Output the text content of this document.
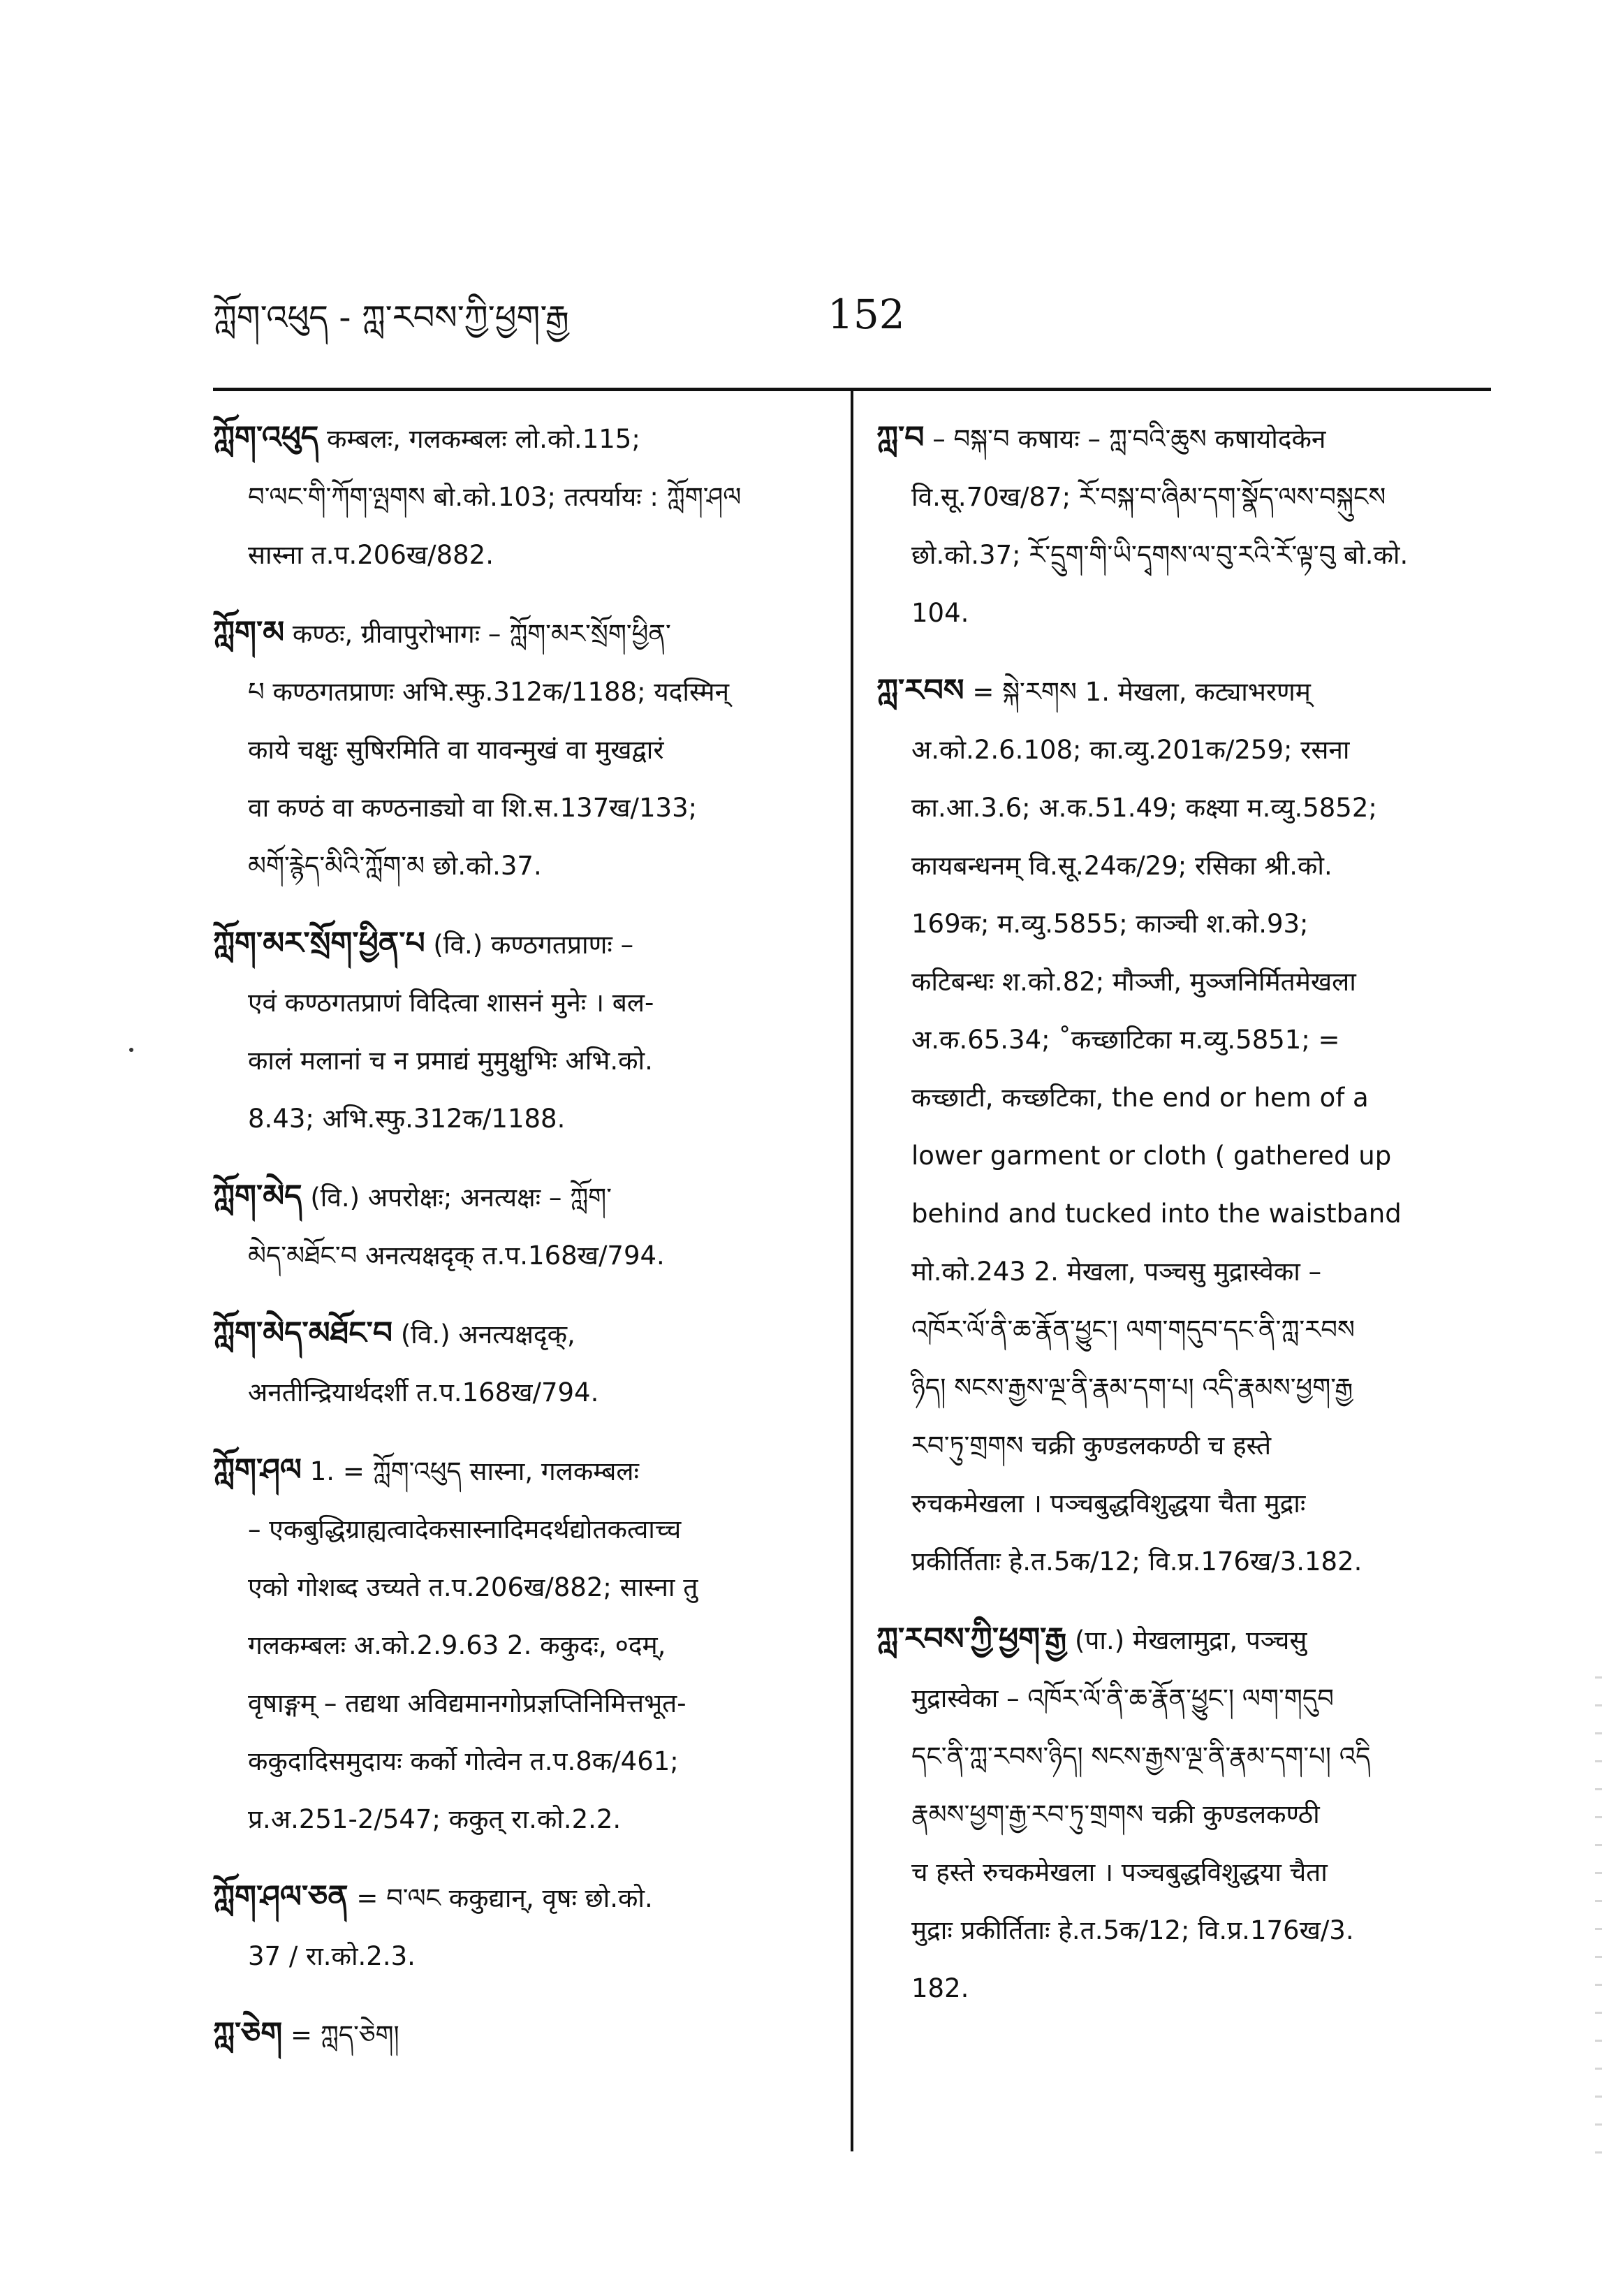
ཀློག་འཕུད - ཀླ་རབས་ཀྱི་ཕྱག་རྒྱ	152
ཀློག་འཕུད कम्बलः, गलकम्बलः लो.को.115;
བ་ལང་གི་ཀོག་ལྤགས बो.को.103; तत्पर्यायः : ཀློག་ཤལ
सास्ना त.प.206ख/882.
ཀློག་མ कण्ठः, ग्रीवापुरोभागः – ཀློག་མར་སྲོག་ཕྱིན་
པ कण्ठगतप्राणः अभि.स्फु.312क/1188; यदस्मिन्
काये चक्षुः सुषिरमिति वा यावन्मुखं वा मुखद्वारं
वा कण्ठं वा कण्ठनाड्यो वा शि.स.137ख/133;
མགོ་རྙེད་མིའི་ཀློག་མ छो.को.37.
ཀློག་མར་སྲོག་ཕྱིན་པ (वि.) कण्ठगतप्राणः –
एवं कण्ठगतप्राणं विदित्वा शासनं मुनेः । बल-
कालं मलानां च न प्रमाद्यं मुमुक्षुभिः अभि.को.
8.43; अभि.स्फु.312क/1188.
ཀློག་མེད (वि.) अपरोक्षः; अनत्यक्षः – ཀློག་
མེད་མཐོང་བ अनत्यक्षदृक् त.प.168ख/794.
ཀློག་མེད་མཐོང་བ (वि.) अनत्यक्षदृक्,
अनतीन्द्रियार्थदर्शी त.प.168ख/794.
ཀློག་ཤལ 1. = ཀློག་འཕུད सास्ना, गलकम्बलः
– एकबुद्धिग्राह्यत्वादेकसास्नादिमदर्थद्योतकत्वाच्च
एको गोशब्द उच्यते त.प.206ख/882; सास्ना तु
गलकम्बलः अ.को.2.9.63 2. ककुदः, ०दम्,
वृषाङ्गम् – तद्यथा अविद्यमानगोप्रज्ञप्तिनिमित्तभूत-
ककुदादिसमुदायः कर्को गोत्वेन त.प.8क/461;
प्र.अ.251-2/547; ककुत् रा.को.2.2.
ཀློག་ཤལ་ཅན = བ་ལང ककुद्यान्, वृषः छो.को.
37 / रा.को.2.3.
ཀླ་ཅེག = ཀླད་ཅེག།
ཀླ་བ – བསྐ་བ कषायः – ཀླ་བའི་ཆུས कषायोदकेन
वि.सू.70ख/87; རོ་བསྐ་བ་ཞིམ་དག་སྣོད་ལས་བསྐུངས
छो.को.37; རོ་དྲུག་གི་ཡི་དྭགས་ལ་བུ་རའི་རོ་ལྟ་བུ बो.को.
104.
ཀླ་རབས = སྐེ་རགས 1. मेखला, कट्याभरणम्
अ.को.2.6.108; का.व्यु.201क/259; रसना
का.आ.3.6; अ.क.51.49; कक्ष्या म.व्यु.5852;
कायबन्धनम् वि.सू.24क/29; रसिका श्री.को.
169क; म.व्यु.5855; काञ्ची श.को.93;
कटिबन्धः श.को.82; मौञ्जी, मुञ्जनिर्मितमेखला
अ.क.65.34; ˚कच्छाटिका म.व्यु.5851; =
कच्छाटी, कच्छटिका, the end or hem of a
lower garment or cloth ( gathered up
behind and tucked into the waistband
मो.को.243 2. मेखला, पञ्चसु मुद्रास्वेका –
འཁོར་ལོ་ནི་ཆ་རྣོན་ཕྱུང་། ལག་གདུབ་དང་ནི་ཀླ་རབས
ཉིད། སངས་རྒྱས་ལྔ་ནི་རྣམ་དག་པ། འདི་རྣམས་ཕྱག་རྒྱ
རབ་ཏུ་གྲགས चक्री कुण्डलकण्ठी च हस्ते
रुचकमेखला । पञ्चबुद्धविशुद्धया चैता मुद्राः
प्रकीर्तिताः हे.त.5क/12; वि.प्र.176ख/3.182.
ཀླ་རབས་ཀྱི་ཕྱག་རྒྱ (पा.) मेखलामुद्रा, पञ्चसु
मुद्रास्वेका – འཁོར་ལོ་ནི་ཆ་རྣོན་ཕྱུང་། ལག་གདུབ
དང་ནི་ཀླ་རབས་ཉིད། སངས་རྒྱས་ལྔ་ནི་རྣམ་དག་པ། འདི
རྣམས་ཕྱག་རྒྱ་རབ་ཏུ་གྲགས चक्री कुण्डलकण्ठी
च हस्ते रुचकमेखला । पञ्चबुद्धविशुद्धया चैता
मुद्राः प्रकीर्तिताः हे.त.5क/12; वि.प्र.176ख/3.
182.
